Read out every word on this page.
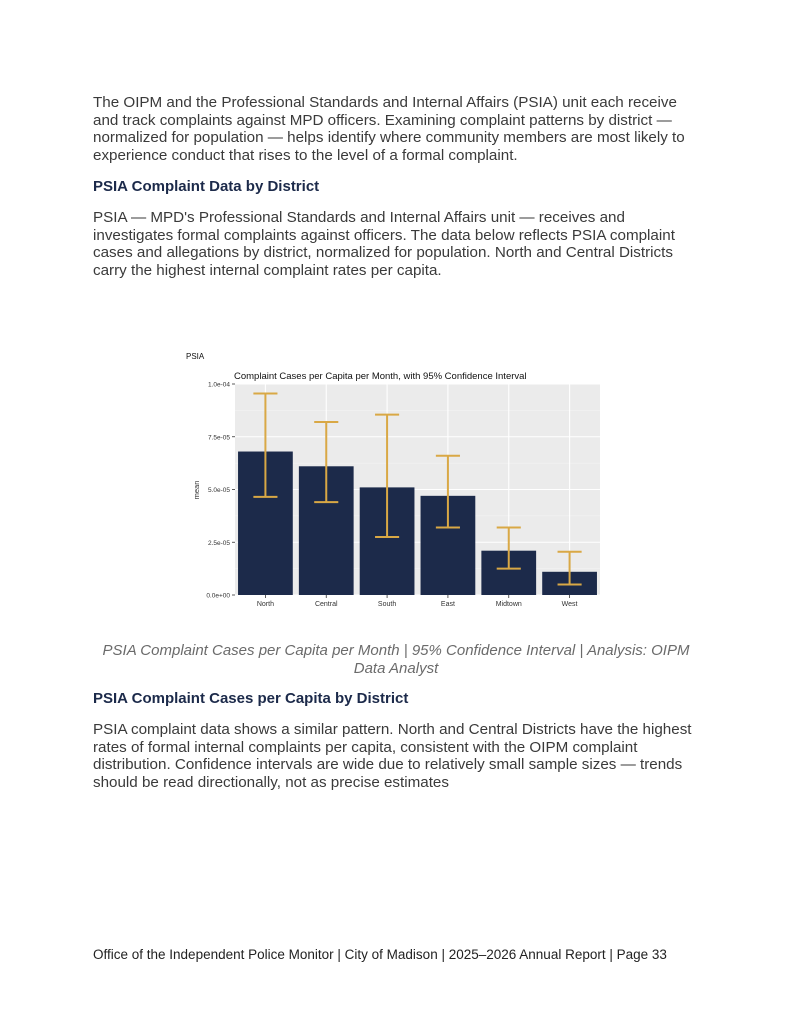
The OIPM and the Professional Standards and Internal Affairs (PSIA) unit each receive and track complaints against MPD officers. Examining complaint patterns by district — normalized for population — helps identify where community members are most likely to experience conduct that rises to the level of a formal complaint.

PSIA Complaint Data by District

PSIA — MPD's Professional Standards and Internal Affairs unit — receives and investigates formal complaints against officers. The data below reflects PSIA complaint cases and allegations by district, normalized for population. North and Central Districts carry the highest internal complaint rates per capita.

PSIA
Complaint Cases per Capita per Month, with 95% Confidence Interval
mean
0.0e+00
2.5e-05
5.0e-05
7.5e-05
1.0e-04
North	Central	South	East	Midtown	West

PSIA Complaint Cases per Capita per Month | 95% Confidence Interval | Analysis: OIPM Data Analyst

PSIA Complaint Cases per Capita by District

PSIA complaint data shows a similar pattern. North and Central Districts have the highest rates of formal internal complaints per capita, consistent with the OIPM complaint distribution. Confidence intervals are wide due to relatively small sample sizes — trends should be read directionally, not as precise estimates

Office of the Independent Police Monitor | City of Madison | 2025–2026 Annual Report | Page 33
